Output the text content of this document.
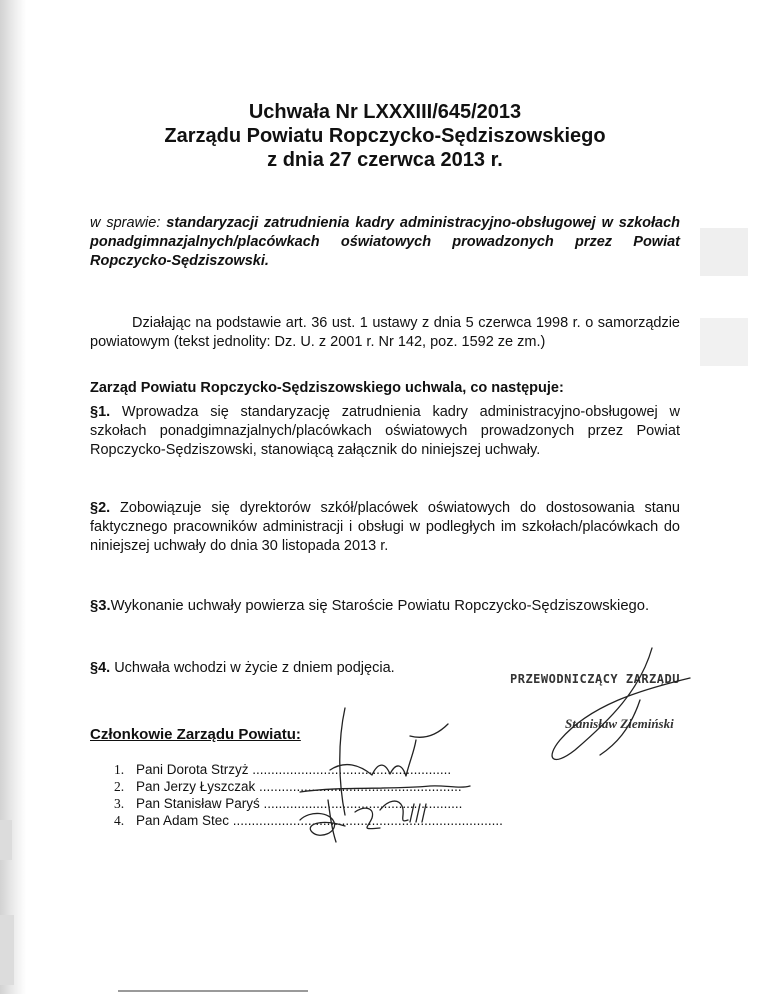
Uchwała Nr LXXXIII/645/2013
Zarządu Powiatu Ropczycko-Sędziszowskiego
z dnia 27 czerwca 2013 r.
w sprawie: standaryzacji zatrudnienia kadry administracyjno-obsługowej w szkołach ponadgimnazjalnych/placówkach oświatowych prowadzonych przez Powiat Ropczycko-Sędziszowski.
Działając na podstawie art. 36 ust. 1 ustawy z dnia 5 czerwca 1998 r. o samorządzie powiatowym (tekst jednolity: Dz. U. z 2001 r. Nr 142, poz. 1592 ze zm.)
Zarząd Powiatu Ropczycko-Sędziszowskiego uchwala, co następuje:
§1. Wprowadza się standaryzację zatrudnienia kadry administracyjno-obsługowej w szkołach ponadgimnazjalnych/placówkach oświatowych prowadzonych przez Powiat Ropczycko-Sędziszowski, stanowiącą załącznik do niniejszej uchwały.
§2. Zobowiązuje się dyrektorów szkół/placówek oświatowych do dostosowania stanu faktycznego pracowników administracji i obsługi w podległych im szkołach/placówkach do niniejszej uchwały do dnia 30 listopada 2013 r.
§3.Wykonanie uchwały powierza się Staroście Powiatu Ropczycko-Sędziszowskiego.
§4. Uchwała wchodzi w życie z dniem podjęcia.
PRZEWODNICZĄCY ZARZĄDU
Stanisław Ziemiński
Członkowie Zarządu Powiatu:
1. Pani Dorota Strzyż .....................................................
2. Pan Jerzy Łyszczak ......................................................
3. Pan Stanisław Paryś .....................................................
4. Pan Adam Stec ........................................................................
